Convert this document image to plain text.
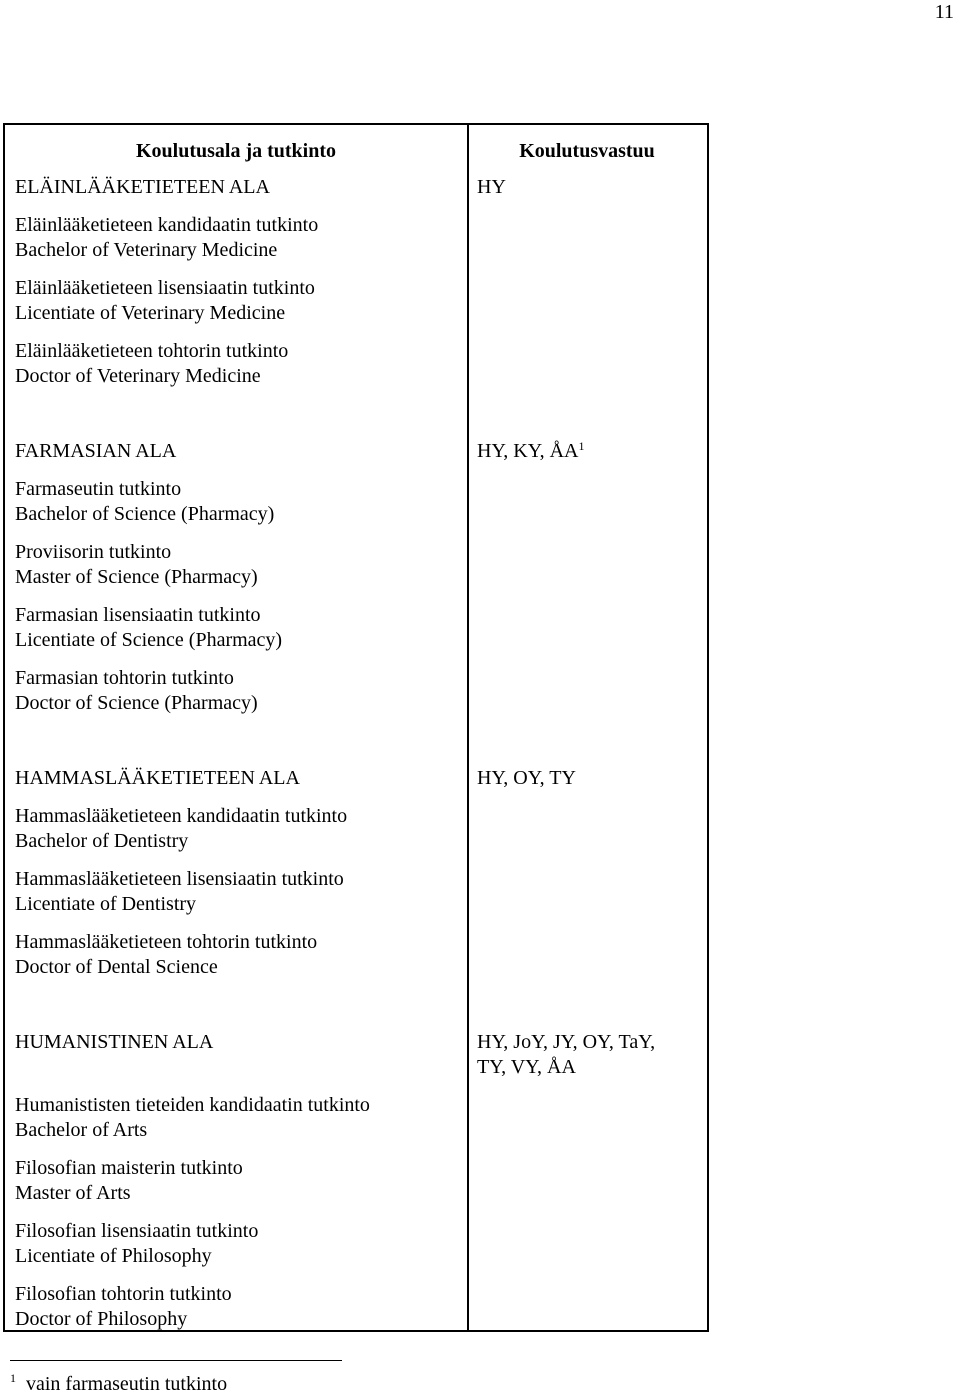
11
Koulutusala ja tutkinto	Koulutusvastuu
ELÄINLÄÄKETIETEEN ALA
Eläinlääketieteen kandidaatin tutkinto
Bachelor of Veterinary Medicine
Eläinlääketieteen lisensiaatin tutkinto
Licentiate of Veterinary Medicine
Eläinlääketieteen tohtorin tutkinto
Doctor of Veterinary Medicine
HY
FARMASIAN ALA
Farmaseutin tutkinto
Bachelor of Science (Pharmacy)
Proviisorin tutkinto
Master of Science (Pharmacy)
Farmasian lisensiaatin tutkinto
Licentiate of Science (Pharmacy)
Farmasian tohtorin tutkinto
Doctor of Science (Pharmacy)
HY, KY, $ÅA^1$
HAMMASLÄÄKETIETEEN ALA
Hammaslääketieteen kandidaatin tutkinto
Bachelor of Dentistry
Hammaslääketieteen lisensiaatin tutkinto
Licentiate of Dentistry
Hammaslääketieteen tohtorin tutkinto
Doctor of Dental Science
HY, OY, TY
HUMANISTINEN ALA
Humanististen tieteiden kandidaatin tutkinto
Bachelor of Arts
Filosofian maisterin tutkinto
Master of Arts
Filosofian lisensiaatin tutkinto
Licentiate of Philosophy
Filosofian tohtorin tutkinto
Doctor of Philosophy
HY, JoY, JY, OY, TaY,
TY, VY, ÅA
$^1$ vain farmaseutin tutkinto
